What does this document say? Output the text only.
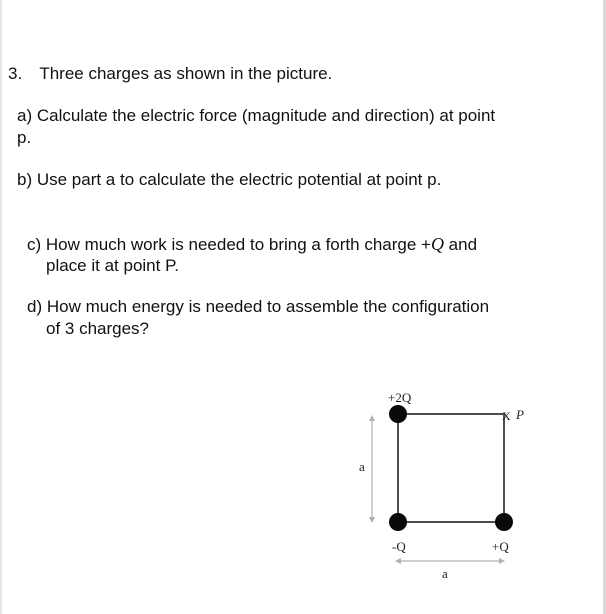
3. Three charges as shown in the picture.
a) Calculate the electric force (magnitude and direction) at point
p.
b) Use part a to calculate the electric potential at point p.
c) How much work is needed to bring a forth charge +Q and
place it at point P.
d) How much energy is needed to assemble the configuration
of 3 charges?
+2Q
-Q	+Q
X P
a
a
